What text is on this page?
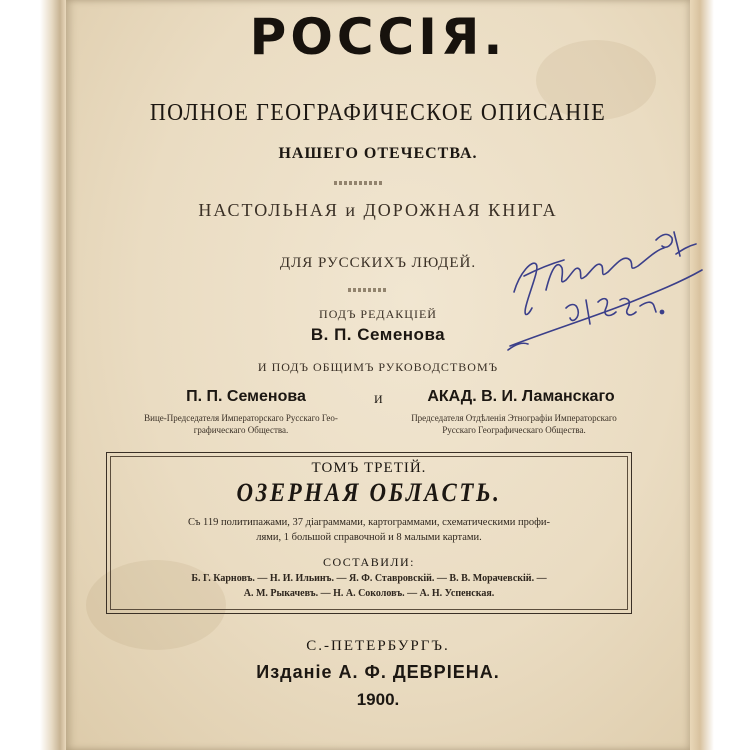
РОССІЯ.
ПОЛНОЕ ГЕОГРАФИЧЕСКОЕ ОПИСАНІЕ
НАШЕГО ОТЕЧЕСТВА.
НАСТОЛЬНАЯ и ДОРОЖНАЯ КНИГА
ДЛЯ РУССКИХЪ ЛЮДЕЙ.
ПОДЪ РЕДАКЦІЕЙ
В. П. Семенова
И ПОДЪ ОБЩИМЪ РУКОВОДСТВОМЪ
П. П. Семенова	И	АКАД. В. И. Ламанскаго
Вице-Председателя Императорскаго Русскаго Гео-
графическаго Общества.
Председателя Отдѣленія Этнографіи Императорскаго
Русскаго Географическаго Общества.
ТОМЪ ТРЕТІЙ.
ОЗЕРНАЯ ОБЛАСТЬ.
Съ 119 политипажами, 37 діаграммами, картограммами, схематическими профи-
лями, 1 большой справочной и 8 малыми картами.
СОСТАВИЛИ:
Б. Г. Карновъ. — Н. И. Ильинъ. — Я. Ф. Ставровскій. — В. В. Морачевскій. —
А. М. Рыкачевъ. — Н. А. Соколовъ. — А. Н. Успенская.
С.-ПЕТЕРБУРГЪ.
Изданіе А. Ф. ДЕВРІЕНА.
1900.
